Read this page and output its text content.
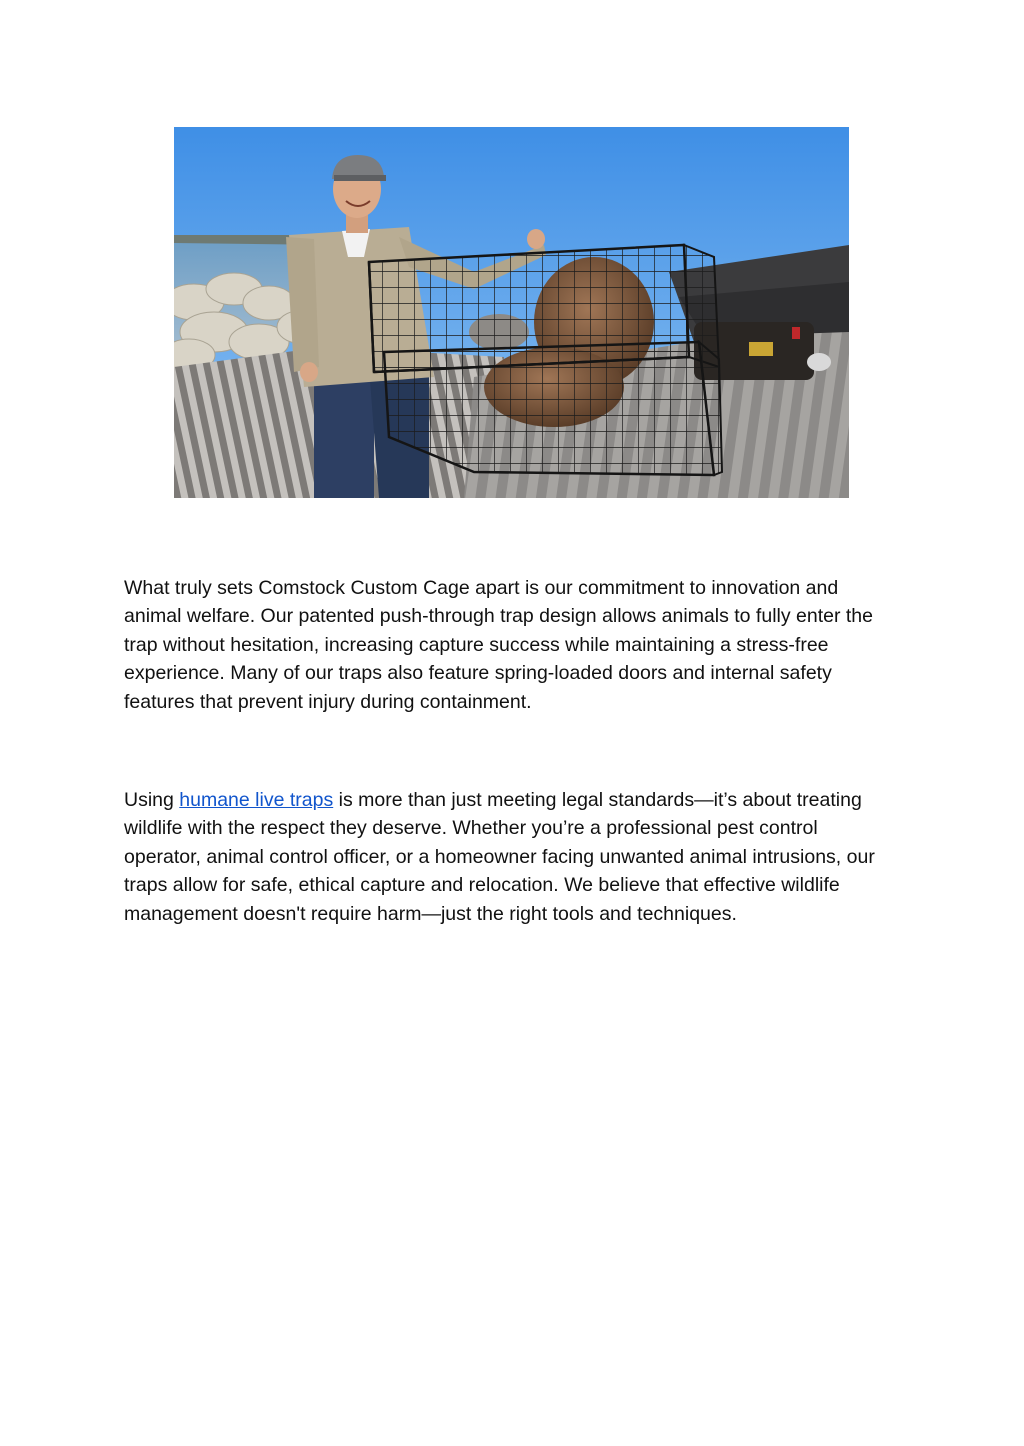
What truly sets Comstock Custom Cage apart is our commitment to innovation and animal welfare. Our patented push-through trap design allows animals to fully enter the trap without hesitation, increasing capture success while maintaining a stress-free experience. Many of our traps also feature spring-loaded doors and internal safety features that prevent injury during containment.

Using humane live traps is more than just meeting legal standards—it’s about treating wildlife with the respect they deserve. Whether you’re a professional pest control operator, animal control officer, or a homeowner facing unwanted animal intrusions, our traps allow for safe, ethical capture and relocation. We believe that effective wildlife management doesn't require harm—just the right tools and techniques.
